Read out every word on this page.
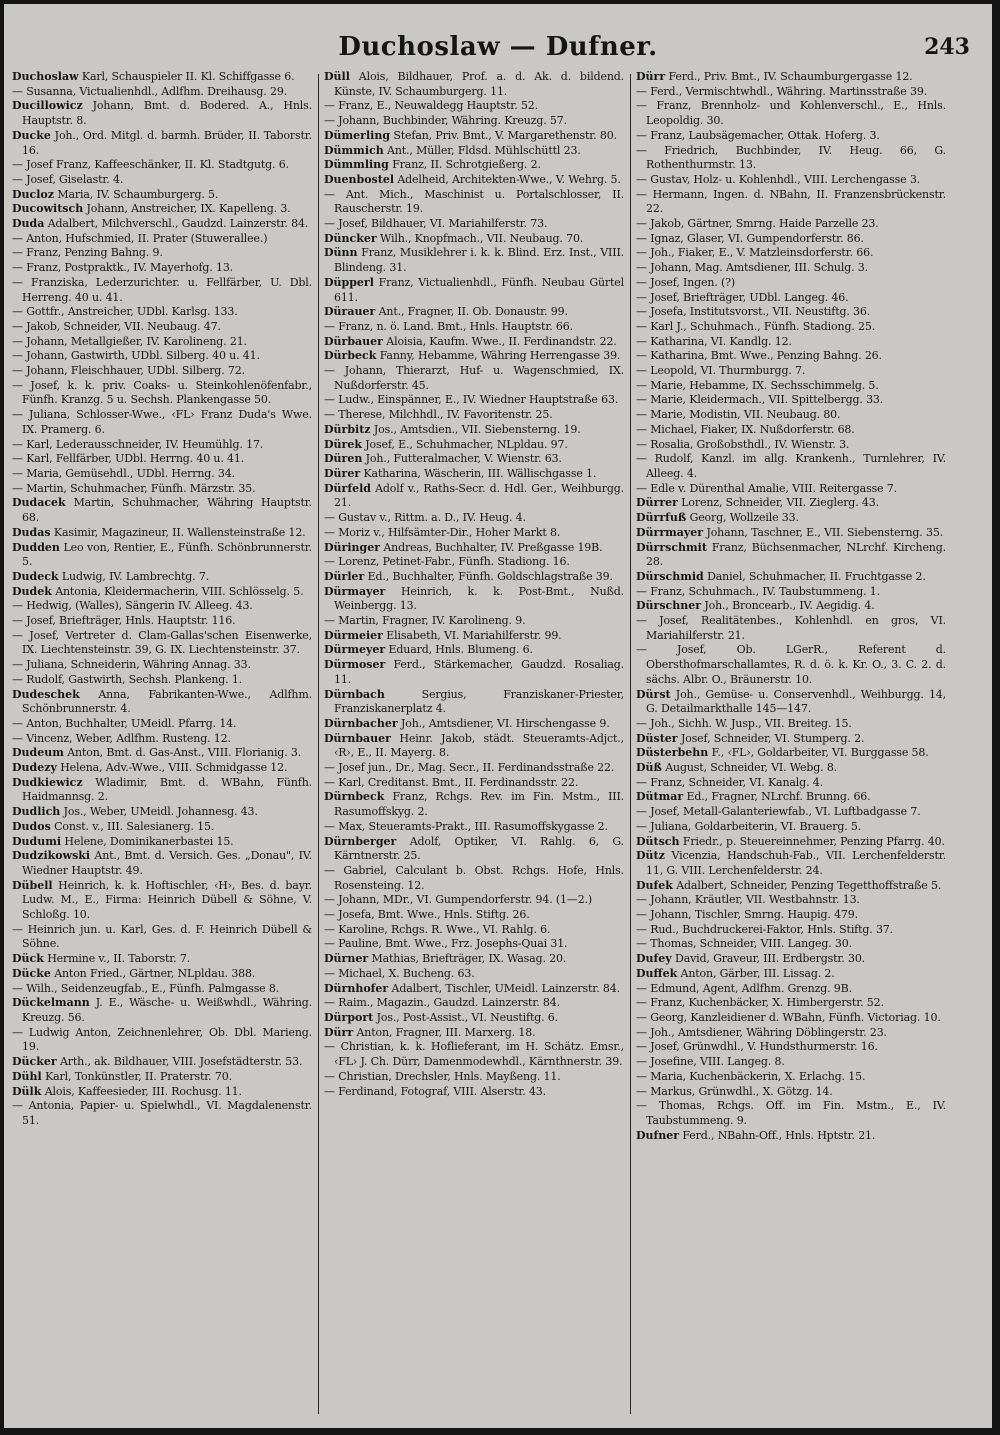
Duchoslaw — Dufner.	243

Duchoslaw Karl, Schauspieler II. Kl. Schiffgasse 6.

— Susanna, Victualienhdl., Adlfhm. Dreihausg. 29.

Ducillowicz Johann, Bmt. d. Bodered. A., Hnls. Hauptstr. 8.

Ducke Joh., Ord. Mitgl. d. barmh. Brüder, II. Taborstr. 16.

— Josef Franz, Kaffeeschänker, II. Kl. Stadtgutg. 6.

— Josef, Giselastr. 4.

Ducloz Maria, IV. Schaumburgerg. 5.

Ducowitsch Johann, Anstreicher, IX. Kapelleng. 3.

Duda Adalbert, Milchverschl., Gaudzd. Lainzerstr. 84.

— Anton, Hufschmied, II. Prater (Stuwerallee.)

— Franz, Penzing Bahng. 9.

— Franz, Postpraktk., IV. Mayerhofg. 13.

— Franziska, Lederzurichter. u. Fellfärber, U. Dbl. Herreng. 40 u. 41.

— Gottfr., Anstreicher, UDbl. Karlsg. 133.

— Jakob, Schneider, VII. Neubaug. 47.

— Johann, Metallgießer, IV. Karolineng. 21.

— Johann, Gastwirth, UDbl. Silberg. 40 u. 41.

— Johann, Fleischhauer, UDbl. Silberg. 72.

— Josef, k. k. priv. Coaks- u. Steinkohlenöfenfabr., Fünfh. Kranzg. 5 u. Sechsh. Plankengasse 50.

— Juliana, Schlosser-Wwe., ‹FL› Franz Duda's Wwe. IX. Pramerg. 6.

— Karl, Lederausschneider, IV. Heumühlg. 17.

— Karl, Fellfärber, UDbl. Herrng. 40 u. 41.

— Maria, Gemüsehdl., UDbl. Herrng. 34.

— Martin, Schuhmacher, Fünfh. Märzstr. 35.

Dudacek Martin, Schuhmacher, Währing Hauptstr. 68.

Dudas Kasimir, Magazineur, II. Wallensteinstraße 12.

Dudden Leo von, Rentier, E., Fünfh. Schönbrunnerstr. 5.

Dudeck Ludwig, IV. Lambrechtg. 7.

Dudek Antonia, Kleidermacherin, VIII. Schlösselg. 5.

— Hedwig, (Walles), Sängerin IV. Alleeg. 43.

— Josef, Briefträger, Hnls. Hauptstr. 116.

— Josef, Vertreter d. Clam-Gallas'schen Eisenwerke, IX. Liechtensteinstr. 39, G. IX. Liechtensteinstr. 37.

— Juliana, Schneiderin, Währing Annag. 33.

— Rudolf, Gastwirth, Sechsh. Plankeng. 1.

Dudeschek Anna, Fabrikanten-Wwe., Adlfhm. Schönbrunnerstr. 4.

— Anton, Buchhalter, UMeidl. Pfarrg. 14.

— Vincenz, Weber, Adlfhm. Rusteng. 12.

Dudeum Anton, Bmt. d. Gas-Anst., VIII. Florianig. 3.

Dudezy Helena, Adv.-Wwe., VIII. Schmidgasse 12.

Dudkiewicz Wladimir, Bmt. d. WBahn, Fünfh. Haidmannsg. 2.

Dudlich Jos., Weber, UMeidl. Johannesg. 43.

Dudos Const. v., III. Salesianerg. 15.

Dudumi Helene, Dominikanerbastei 15.

Dudzikowski Ant., Bmt. d. Versich. Ges. „Donau", IV. Wiedner Hauptstr. 49.

Dübell Heinrich, k. k. Hoftischler, ‹H›, Bes. d. bayr. Ludw. M., E., Firma: Heinrich Dübell & Söhne, V. Schloßg. 10.

— Heinrich jun. u. Karl, Ges. d. F. Heinrich Dübell & Söhne.

Dück Hermine v., II. Taborstr. 7.

Dücke Anton Fried., Gärtner, NLpldau. 388.

— Wilh., Seidenzeugfab., E., Fünfh. Palmgasse 8.

Dückelmann J. E., Wäsche- u. Weißwhdl., Währing. Kreuzg. 56.

— Ludwig Anton, Zeichnenlehrer, Ob. Dbl. Marieng. 19.

Dücker Arth., ak. Bildhauer, VIII. Josefstädterstr. 53.

Dühl Karl, Tonkünstler, II. Praterstr. 70.

Dülk Alois, Kaffeesieder, III. Rochusg. 11.

— Antonia, Papier- u. Spielwhdl., VI. Magdalenenstr. 51.

Düll Alois, Bildhauer, Prof. a. d. Ak. d. bildend. Künste, IV. Schaumburgerg. 11.

— Franz, E., Neuwaldegg Hauptstr. 52.

— Johann, Buchbinder, Währing. Kreuzg. 57.

Dümerling Stefan, Priv. Bmt., V. Margarethenstr. 80.

Dümmich Ant., Müller, Fldsd. Mühlschüttl 23.

Dümmling Franz, II. Schrotgießerg. 2.

Duenbostel Adelheid, Architekten-Wwe., V. Wehrg. 5.

— Ant. Mich., Maschinist u. Portalschlosser, II. Rauscherstr. 19.

— Josef, Bildhauer, VI. Mariahilferstr. 73.

Düncker Wilh., Knopfmach., VII. Neubaug. 70.

Dünn Franz, Musiklehrer i. k. k. Blind. Erz. Inst., VIII. Blindeng. 31.

Düpperl Franz, Victualienhdl., Fünfh. Neubau Gürtel 611.

Dürauer Ant., Fragner, II. Ob. Donaustr. 99.

— Franz, n. ö. Land. Bmt., Hnls. Hauptstr. 66.

Dürbauer Aloisia, Kaufm. Wwe., II. Ferdinandstr. 22.

Dürbeck Fanny, Hebamme, Währing Herrengasse 39.

— Johann, Thierarzt, Huf- u. Wagenschmied, IX. Nußdorferstr. 45.

— Ludw., Einspänner, E., IV. Wiedner Hauptstraße 63.

— Therese, Milchhdl., IV. Favoritenstr. 25.

Dürbitz Jos., Amtsdien., VII. Siebensterng. 19.

Dürek Josef, E., Schuhmacher, NLpldau. 97.

Düren Joh., Futteralmacher, V. Wienstr. 63.

Dürer Katharina, Wäscherin, III. Wällischgasse 1.

Dürfeld Adolf v., Raths-Secr. d. Hdl. Ger., Weihburgg. 21.

— Gustav v., Rittm. a. D., IV. Heug. 4.

— Moriz v., Hilfsämter-Dir., Hoher Markt 8.

Düringer Andreas, Buchhalter, IV. Preßgasse 19B.

— Lorenz, Petinet-Fabr., Fünfh. Stadiong. 16.

Dürler Ed., Buchhalter, Fünfh. Goldschlagstraße 39.

Dürmayer Heinrich, k. k. Post-Bmt., Nußd. Weinbergg. 13.

— Martin, Fragner, IV. Karolineng. 9.

Dürmeier Elisabeth, VI. Mariahilferstr. 99.

Dürmeyer Eduard, Hnls. Blumeng. 6.

Dürmoser Ferd., Stärkemacher, Gaudzd. Rosaliag. 11.

Dürnbach Sergius, Franziskaner-Priester, Franziskanerplatz 4.

Dürnbacher Joh., Amtsdiener, VI. Hirschengasse 9.

Dürnbauer Heinr. Jakob, städt. Steueramts-Adjct., ‹R›, E., II. Mayerg. 8.

— Josef jun., Dr., Mag. Secr., II. Ferdinandsstraße 22.

— Karl, Creditanst. Bmt., II. Ferdinandsstr. 22.

Dürnbeck Franz, Rchgs. Rev. im Fin. Mstm., III. Rasumoffskyg. 2.

— Max, Steueramts-Prakt., III. Rasumoffskygasse 2.

Dürnberger Adolf, Optiker, VI. Rahlg. 6, G. Kärntnerstr. 25.

— Gabriel, Calculant b. Obst. Rchgs. Hofe, Hnls. Rosensteing. 12.

— Johann, MDr., VI. Gumpendorferstr. 94. (1—2.)

— Josefa, Bmt. Wwe., Hnls. Stiftg. 26.

— Karoline, Rchgs. R. Wwe., VI. Rahlg. 6.

— Pauline, Bmt. Wwe., Frz. Josephs-Quai 31.

Dürner Mathias, Briefträger, IX. Wasag. 20.

— Michael, X. Bucheng. 63.

Dürnhofer Adalbert, Tischler, UMeidl. Lainzerstr. 84.

— Raim., Magazin., Gaudzd. Lainzerstr. 84.

Dürport Jos., Post-Assist., VI. Neustiftg. 6.

Dürr Anton, Fragner, III. Marxerg. 18.

— Christian, k. k. Hoflieferant, im H. Schätz. Emsr., ‹FL› J. Ch. Dürr, Damenmodewhdl., Kärnthnerstr. 39.

— Christian, Drechsler, Hnls. Mayßeng. 11.

— Ferdinand, Fotograf, VIII. Alserstr. 43.

Dürr Ferd., Priv. Bmt., IV. Schaumburgergasse 12.

— Ferd., Vermischtwhdl., Währing. Martinsstraße 39.

— Franz, Brennholz- und Kohlenverschl., E., Hnls. Leopoldig. 30.

— Franz, Laubsägemacher, Ottak. Hoferg. 3.

— Friedrich, Buchbinder, IV. Heug. 66, G. Rothenthurmstr. 13.

— Gustav, Holz- u. Kohlenhdl., VIII. Lerchengasse 3.

— Hermann, Ingen. d. NBahn, II. Franzensbrückenstr. 22.

— Jakob, Gärtner, Smrng. Haide Parzelle 23.

— Ignaz, Glaser, VI. Gumpendorferstr. 86.

— Joh., Fiaker, E., V. Matzleinsdorferstr. 66.

— Johann, Mag. Amtsdiener, III. Schulg. 3.

— Josef, Ingen. (?)

— Josef, Briefträger, UDbl. Langeg. 46.

— Josefa, Institutsvorst., VII. Neustiftg. 36.

— Karl J., Schuhmach., Fünfh. Stadiong. 25.

— Katharina, VI. Kandlg. 12.

— Katharina, Bmt. Wwe., Penzing Bahng. 26.

— Leopold, VI. Thurmburgg. 7.

— Marie, Hebamme, IX. Sechsschimmelg. 5.

— Marie, Kleidermach., VII. Spittelbergg. 33.

— Marie, Modistin, VII. Neubaug. 80.

— Michael, Fiaker, IX. Nußdorferstr. 68.

— Rosalia, Großobsthdl., IV. Wienstr. 3.

— Rudolf, Kanzl. im allg. Krankenh., Turnlehrer, IV. Alleeg. 4.

— Edle v. Dürenthal Amalie, VIII. Reitergasse 7.

Dürrer Lorenz, Schneider, VII. Zieglerg. 43.

Dürrfuß Georg, Wollzeile 33.

Dürrmayer Johann, Taschner, E., VII. Siebensterng. 35.

Dürrschmit Franz, Büchsenmacher, NLrchf. Kircheng. 28.

Dürschmid Daniel, Schuhmacher, II. Fruchtgasse 2.

— Franz, Schuhmach., IV. Taubstummeng. 1.

Dürschner Joh., Broncearb., IV. Aegidig. 4.

— Josef, Realitätenbes., Kohlenhdl. en gros, VI. Mariahilferstr. 21.

— Josef, Ob. LGerR., Referent d. Obersthofmarschallamtes, R. d. ö. k. Kr. O., 3. C. 2. d. sächs. Albr. O., Bräunerstr. 10.

Dürst Joh., Gemüse- u. Conservenhdl., Weihburgg. 14, G. Detailmarkthalle 145—147.

— Joh., Sichh. W. Jusp., VII. Breiteg. 15.

Düster Josef, Schneider, VI. Stumperg. 2.

Düsterbehn F., ‹FL›, Goldarbeiter, VI. Burggasse 58.

Düß August, Schneider, VI. Webg. 8.

— Franz, Schneider, VI. Kanalg. 4.

Dütmar Ed., Fragner, NLrchf. Brunng. 66.

— Josef, Metall-Galanteriewfab., VI. Luftbadgasse 7.

— Juliana, Goldarbeiterin, VI. Brauerg. 5.

Dütsch Friedr., p. Steuereinnehmer, Penzing Pfarrg. 40.

Dütz Vicenzia, Handschuh-Fab., VII. Lerchenfelderstr. 11, G. VIII. Lerchenfelderstr. 24.

Dufek Adalbert, Schneider, Penzing Tegetthoffstraße 5.

— Johann, Kräutler, VII. Westbahnstr. 13.

— Johann, Tischler, Smrng. Haupig. 479.

— Rud., Buchdruckerei-Faktor, Hnls. Stiftg. 37.

— Thomas, Schneider, VIII. Langeg. 30.

Dufey David, Graveur, III. Erdbergstr. 30.

Duffek Anton, Gärber, III. Lissag. 2.

— Edmund, Agent, Adlfhm. Grenzg. 9B.

— Franz, Kuchenbäcker, X. Himbergerstr. 52.

— Georg, Kanzleidiener d. WBahn, Fünfh. Victoriag. 10.

— Joh., Amtsdiener, Währing Döblingerstr. 23.

— Josef, Grünwdhl., V. Hundsthurmerstr. 16.

— Josefine, VIII. Langeg. 8.

— Maria, Kuchenbäckerin, X. Erlachg. 15.

— Markus, Grünwdhl., X. Götzg. 14.

— Thomas, Rchgs. Off. im Fin. Mstm., E., IV. Taubstummeng. 9.

Dufner Ferd., NBahn-Off., Hnls. Hptstr. 21.
